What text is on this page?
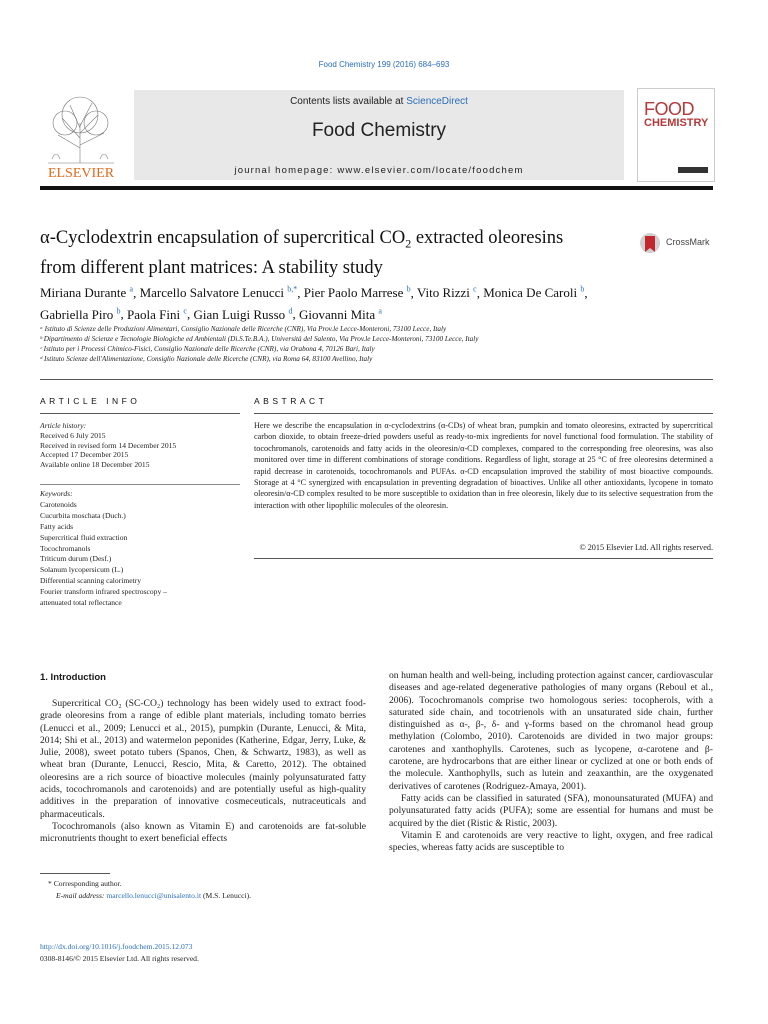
Food Chemistry 199 (2016) 684–693
ELSEVIER
Contents lists available at ScienceDirect
Food Chemistry
journal homepage: www.elsevier.com/locate/foodchem
FOOD
CHEMISTRY
α-Cyclodextrin encapsulation of supercritical $CO_2$ extracted oleoresins
from different plant matrices: A stability study
CrossMark
Miriana Durante $^a$, Marcello Salvatore Lenucci $^{b,*}$, Pier Paolo Marrese $^b$, Vito Rizzi $^c$, Monica De Caroli $^b$,
Gabriella Piro $^b$, Paola Fini $^c$, Gian Luigi Russo $^d$, Giovanni Mita $^a$
ᵃ Istituto di Scienze delle Produzioni Alimentari, Consiglio Nazionale delle Ricerche (CNR), Via Prov.le Lecce-Monteroni, 73100 Lecce, Italy
ᵇ Dipartimento di Scienze e Tecnologie Biologiche ed Ambientali (Di.S.Te.B.A.), Università del Salento, Via Prov.le Lecce-Monteroni, 73100 Lecce, Italy
ᶜ Istituto per i Processi Chimico-Fisici, Consiglio Nazionale delle Ricerche (CNR), via Orabona 4, 70126 Bari, Italy
ᵈ Istituto Scienze dell'Alimentazione, Consiglio Nazionale delle Ricerche (CNR), via Roma 64, 83100 Avellino, Italy
ARTICLE INFO	ABSTRACT
Article history:
Received 6 July 2015
Received in revised form 14 December 2015
Accepted 17 December 2015
Available online 18 December 2015
Keywords:
Carotenoids
Cucurbita moschata (Duch.)
Fatty acids
Supercritical fluid extraction
Tocochromanols
Triticum durum (Desf.)
Solanum lycopersicum (L.)
Differential scanning calorimetry
Fourier transform infrared spectroscopy –
attenuated total reflectance
Here we describe the encapsulation in α-cyclodextrins (α-CDs) of wheat bran, pumpkin and tomato oleoresins, extracted by supercritical carbon dioxide, to obtain freeze-dried powders useful as ready-to-mix ingredients for novel functional food formulation. The stability of tocochromanols, carotenoids and fatty acids in the oleoresin/α-CD complexes, compared to the corresponding free oleoresins, was also monitored over time in different combinations of storage conditions. Regardless of light, storage at 25 °C of free oleoresins determined a rapid decrease in carotenoids, tocochromanols and PUFAs. α-CD encapsulation improved the stability of most bioactive compounds. Storage at 4 °C synergized with encapsulation in preventing degradation of bioactives. Unlike all other antioxidants, lycopene in tomato oleoresin/α-CD complex resulted to be more susceptible to oxidation than in free oleoresin, likely due to its selective sequestration from the interaction with other lipophilic molecules of the oleoresin.
© 2015 Elsevier Ltd. All rights reserved.
1. Introduction

Supercritical CO₂ (SC-CO₂) technology has been widely used to extract food-grade oleoresins from a range of edible plant materials, including tomato berries (Lenucci et al., 2009; Lenucci et al., 2015), pumpkin (Durante, Lenucci, & Mita, 2014; Shi et al., 2013) and watermelon peponides (Katherine, Edgar, Jerry, Luke, & Julie, 2008), sweet potato tubers (Spanos, Chen, & Schwartz, 1983), as well as wheat bran (Durante, Lenucci, Rescio, Mita, & Caretto, 2012). The obtained oleoresins are a rich source of bioactive molecules (mainly polyunsaturated fatty acids, tocochromanols and carotenoids) and are potentially useful as high-quality additives in the preparation of innovative cosmeceuticals, nutraceuticals and pharmaceuticals.

Tocochromanols (also known as Vitamin E) and carotenoids are fat-soluble micronutrients thought to exert beneficial effects

on human health and well-being, including protection against cancer, cardiovascular diseases and age-related degenerative pathologies of many organs (Reboul et al., 2006). Tocochromanols comprise two homologous series: tocopherols, with a saturated side chain, and tocotrienols with an unsaturated side chain, further distinguished as α-, β-, δ- and γ-forms based on the chromanol head group methylation (Colombo, 2010). Carotenoids are divided in two major groups: carotenes and xanthophylls. Carotenes, such as lycopene, α-carotene and β-carotene, are hydrocarbons that are either linear or cyclized at one or both ends of the molecule. Xanthophylls, such as lutein and zeaxanthin, are the oxygenated derivatives of carotenes (Rodriguez-Amaya, 2001).

Fatty acids can be classified in saturated (SFA), monounsaturated (MUFA) and polyunsaturated fatty acids (PUFA); some are essential for humans and must be acquired by the diet (Ristic & Ristic, 2003).

Vitamin E and carotenoids are very reactive to light, oxygen, and free radical species, whereas fatty acids are susceptible to

* Corresponding author.
E-mail address: marcello.lenucci@unisalento.it (M.S. Lenucci).
http://dx.doi.org/10.1016/j.foodchem.2015.12.073
0308-8146/© 2015 Elsevier Ltd. All rights reserved.
